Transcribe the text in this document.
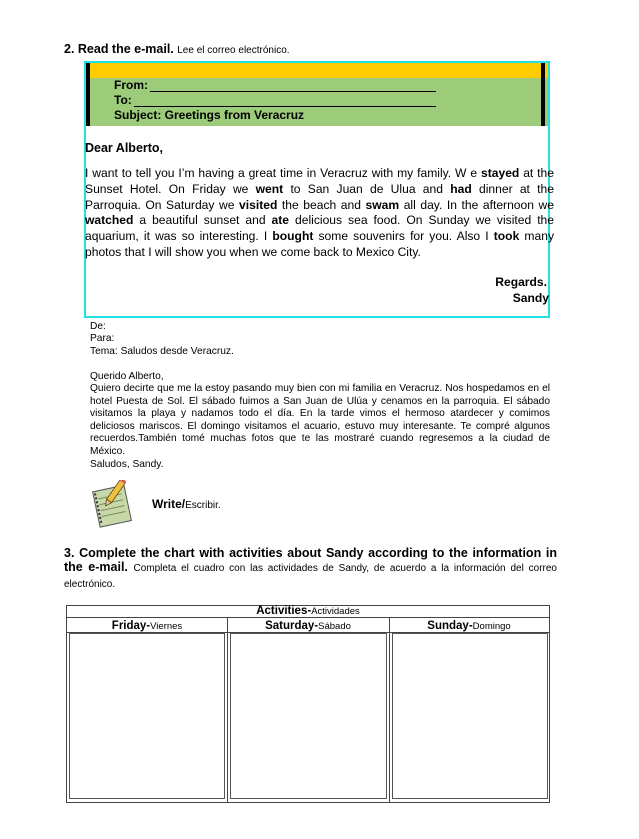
2. Read the e-mail. Lee el correo electrónico.
From:
To:
Subject: Greetings from Veracruz
Dear Alberto,
I want to tell you I’m having a great time in Veracruz with my family. W e stayed at the Sunset Hotel. On Friday we went to San Juan de Ulua and had dinner at the Parroquia. On Saturday we visited the beach and swam all day. In the afternoon we watched a beautiful sunset and ate delicious sea food. On Sunday we visited the aquarium, it was so interesting. I bought some souvenirs for you. Also I took many photos that I will show you when we come back to Mexico City.
Regards.
Sandy
De:
Para:
Tema: Saludos desde Veracruz.
Querido Alberto,
Quiero decirte que me la estoy pasando muy bien con mi familia en Veracruz. Nos hospedamos en el hotel Puesta de Sol. El sábado fuimos a San Juan de Ulúa y cenamos en la parroquia. El sábado visitamos la playa y nadamos todo el día. En la tarde vimos el hermoso atardecer y comimos deliciosos mariscos. El domingo visitamos el acuario, estuvo muy interesante. Te compré algunos recuerdos.También tomé muchas fotos que te las mostraré cuando regresemos a la ciudad de México.
Saludos, Sandy.
Write/Escribir.
3. Complete the chart with activities about Sandy according to the information in the e-mail. Completa el cuadro con las actividades de Sandy, de acuerdo a la información del correo electrónico.
Activities-Actividades
Friday-Viernes	Saturday-Sábado	Sunday-Domingo
